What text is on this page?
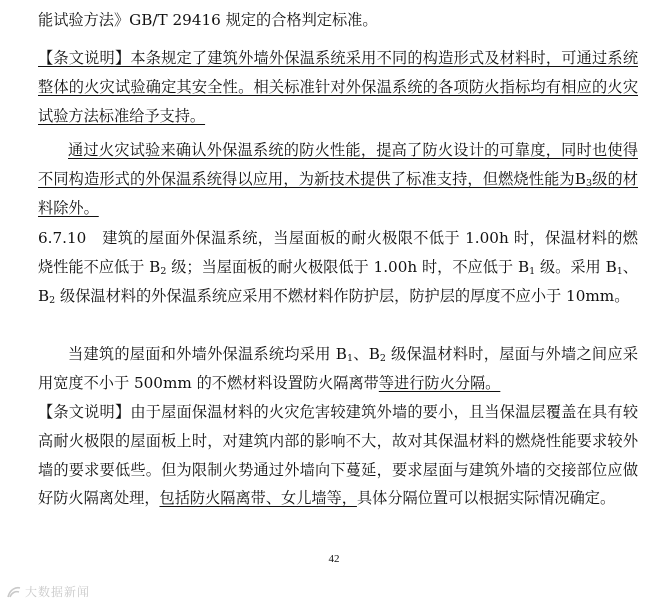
能试验方法》GB/T 29416 规定的合格判定标准。
【条文说明】本条规定了建筑外墙外保温系统采用不同的构造形式及材料时，可通过系统整体的火灾试验确定其安全性。相关标准针对外保温系统的各项防火指标均有相应的火灾试验方法标准给予支持。
通过火灾试验来确认外保温系统的防火性能，提高了防火设计的可靠度，同时也使得不同构造形式的外保温系统得以应用，为新技术提供了标准支持，但燃烧性能为$B_3$级的材料除外。
6.7.10　建筑的屋面外保温系统，当屋面板的耐火极限不低于 1.00h 时，保温材料的燃烧性能不应低于 $B_2$ 级；当屋面板的耐火极限低于 1.00h 时，不应低于 $B_1$ 级。采用 $B_1$、$B_2$ 级保温材料的外保温系统应采用不燃材料作防护层，防护层的厚度不应小于 10mm。
当建筑的屋面和外墙外保温系统均采用 $B_1$、$B_2$ 级保温材料时，屋面与外墙之间应采用宽度不小于 500mm 的不燃材料设置防火隔离带等进行防火分隔。
【条文说明】由于屋面保温材料的火灾危害较建筑外墙的要小，且当保温层覆盖在具有较高耐火极限的屋面板上时，对建筑内部的影响不大，故对其保温材料的燃烧性能要求较外墙的要求要低些。但为限制火势通过外墙向下蔓延，要求屋面与建筑外墙的交接部位应做好防火隔离处理，包括防火隔离带、女儿墙等，具体分隔位置可以根据实际情况确定。
42
大数据新闻
